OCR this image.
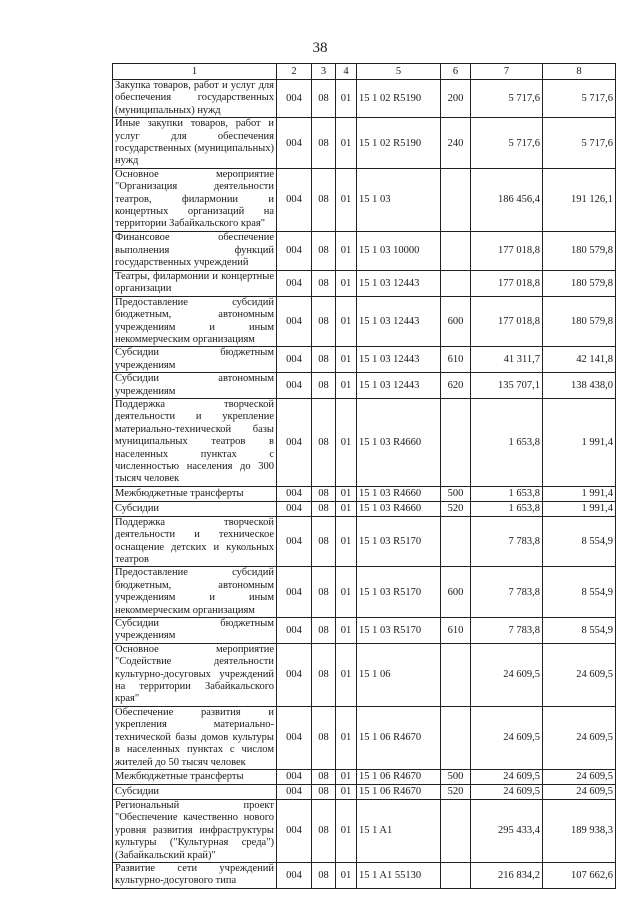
38
1	2	3	4	5	6	7	8
Закупка товаров, работ и услуг для обеспечения государственных (муниципальных) нужд	004	08	01	15 1 02 R5190	200	5 717,6	5 717,6
Иные закупки товаров, работ и услуг для обеспечения государственных (муниципальных) нужд	004	08	01	15 1 02 R5190	240	5 717,6	5 717,6
Основное мероприятие "Организация деятельности театров, филармонии и концертных организаций на территории Забайкальского края"	004	08	01	15 1 03		186 456,4	191 126,1
Финансовое обеспечение выполнения функций государственных учреждений	004	08	01	15 1 03 10000		177 018,8	180 579,8
Театры, филармонии и концертные организации	004	08	01	15 1 03 12443		177 018,8	180 579,8
Предоставление субсидий бюджетным, автономным учреждениям и иным некоммерческим организациям	004	08	01	15 1 03 12443	600	177 018,8	180 579,8
Субсидии бюджетным учреждениям	004	08	01	15 1 03 12443	610	41 311,7	42 141,8
Субсидии автономным учреждениям	004	08	01	15 1 03 12443	620	135 707,1	138 438,0
Поддержка творческой деятельности и укрепление материально-технической базы муниципальных театров в населенных пунктах с численностью населения до 300 тысяч человек	004	08	01	15 1 03 R4660		1 653,8	1 991,4
Межбюджетные трансферты	004	08	01	15 1 03 R4660	500	1 653,8	1 991,4
Субсидии	004	08	01	15 1 03 R4660	520	1 653,8	1 991,4
Поддержка творческой деятельности и техническое оснащение детских и кукольных театров	004	08	01	15 1 03 R5170		7 783,8	8 554,9
Предоставление субсидий бюджетным, автономным учреждениям и иным некоммерческим организациям	004	08	01	15 1 03 R5170	600	7 783,8	8 554,9
Субсидии бюджетным учреждениям	004	08	01	15 1 03 R5170	610	7 783,8	8 554,9
Основное мероприятие "Содействие деятельности культурно-досуговых учреждений на территории Забайкальского края"	004	08	01	15 1 06		24 609,5	24 609,5
Обеспечение развития и укрепления материально-технической базы домов культуры в населенных пунктах с числом жителей до 50 тысяч человек	004	08	01	15 1 06 R4670		24 609,5	24 609,5
Межбюджетные трансферты	004	08	01	15 1 06 R4670	500	24 609,5	24 609,5
Субсидии	004	08	01	15 1 06 R4670	520	24 609,5	24 609,5
Региональный проект "Обеспечение качественно нового уровня развития инфраструктуры культуры ("Культурная среда") (Забайкальский край)"	004	08	01	15 1 A1		295 433,4	189 938,3
Развитие сети учреждений культурно-досугового типа	004	08	01	15 1 A1 55130		216 834,2	107 662,6
